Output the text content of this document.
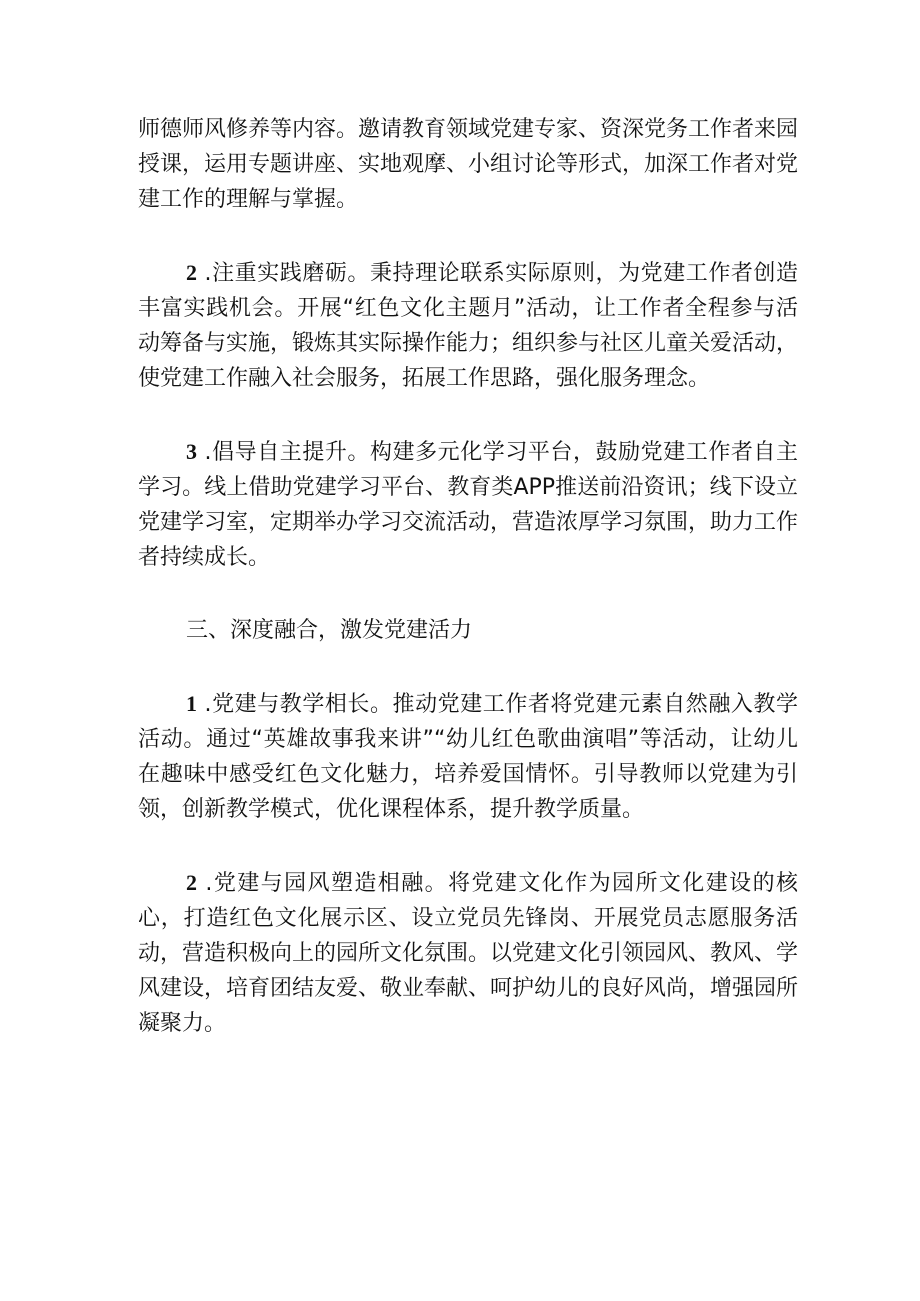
师德师风修养等内容。邀请教育领域党建专家、资深党务工作者来园授课，运用专题讲座、实地观摩、小组讨论等形式，加深工作者对党建工作的理解与掌握。

2 .注重实践磨砺。秉持理论联系实际原则，为党建工作者创造丰富实践机会。开展“红色文化主题月”活动，让工作者全程参与活动筹备与实施，锻炼其实际操作能力；组织参与社区儿童关爱活动，使党建工作融入社会服务，拓展工作思路，强化服务理念。

3 .倡导自主提升。构建多元化学习平台，鼓励党建工作者自主学习。线上借助党建学习平台、教育类APP推送前沿资讯；线下设立党建学习室，定期举办学习交流活动，营造浓厚学习氛围，助力工作者持续成长。

三、深度融合，激发党建活力

1 .党建与教学相长。推动党建工作者将党建元素自然融入教学活动。通过“英雄故事我来讲”“幼儿红色歌曲演唱”等活动，让幼儿在趣味中感受红色文化魅力，培养爱国情怀。引导教师以党建为引领，创新教学模式，优化课程体系，提升教学质量。

2 .党建与园风塑造相融。将党建文化作为园所文化建设的核心，打造红色文化展示区、设立党员先锋岗、开展党员志愿服务活动，营造积极向上的园所文化氛围。以党建文化引领园风、教风、学风建设，培育团结友爱、敬业奉献、呵护幼儿的良好风尚，增强园所凝聚力。
